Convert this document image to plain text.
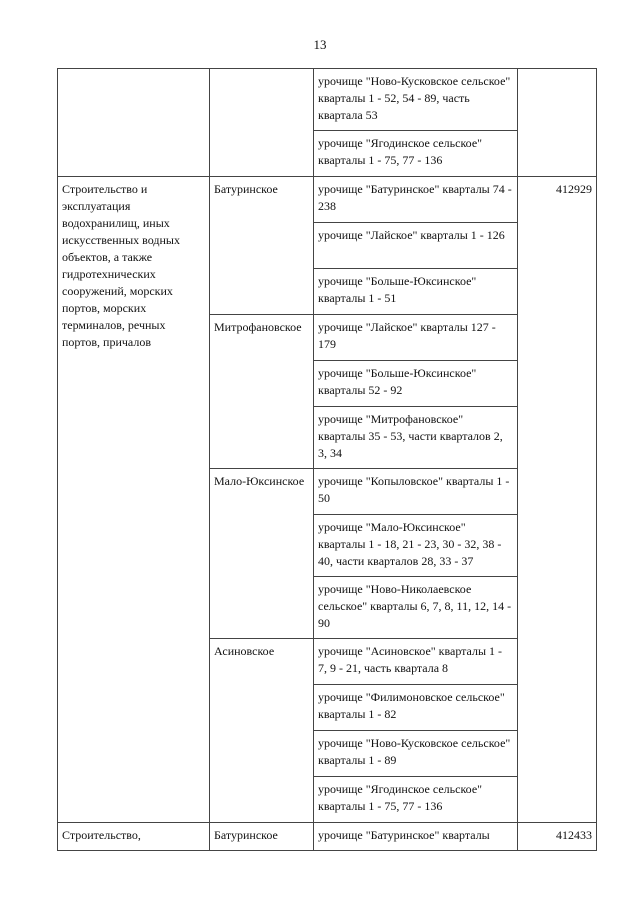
13
		урочище "Ново-Кусковское сельское" кварталы 1 - 52, 54 - 89, часть квартала 53	
		урочище "Ягодинское сельское" кварталы 1 - 75, 77 - 136	
Строительство и эксплуатация водохранилищ, иных искусственных водных объектов, а также гидротехнических сооружений, морских портов, морских терминалов, речных портов, причалов	Батуринское	урочище "Батуринское" кварталы 74 - 238	412929
		урочище "Лайское" кварталы 1 - 126	
		урочище "Больше-Юксинское" кварталы 1 - 51	
	Митрофановское	урочище "Лайское" кварталы 127 - 179	
		урочище "Больше-Юксинское" кварталы 52 - 92	
		урочище "Митрофановское" кварталы 35 - 53, части кварталов 2, 3, 34	
	Мало-Юксинское	урочище "Копыловское" кварталы 1 - 50	
		урочище "Мало-Юксинское" кварталы 1 - 18, 21 - 23, 30 - 32, 38 - 40, части кварталов 28, 33 - 37	
		урочище "Ново-Николаевское сельское" кварталы 6, 7, 8, 11, 12, 14 - 90	
	Асиновское	урочище "Асиновское" кварталы 1 - 7, 9 - 21, часть квартала 8	
		урочище "Филимоновское сельское" кварталы 1 - 82	
		урочище "Ново-Кусковское сельское" кварталы 1 - 89	
		урочище "Ягодинское сельское" кварталы 1 - 75, 77 - 136	
Строительство,	Батуринское	урочище "Батуринское" кварталы	412433
